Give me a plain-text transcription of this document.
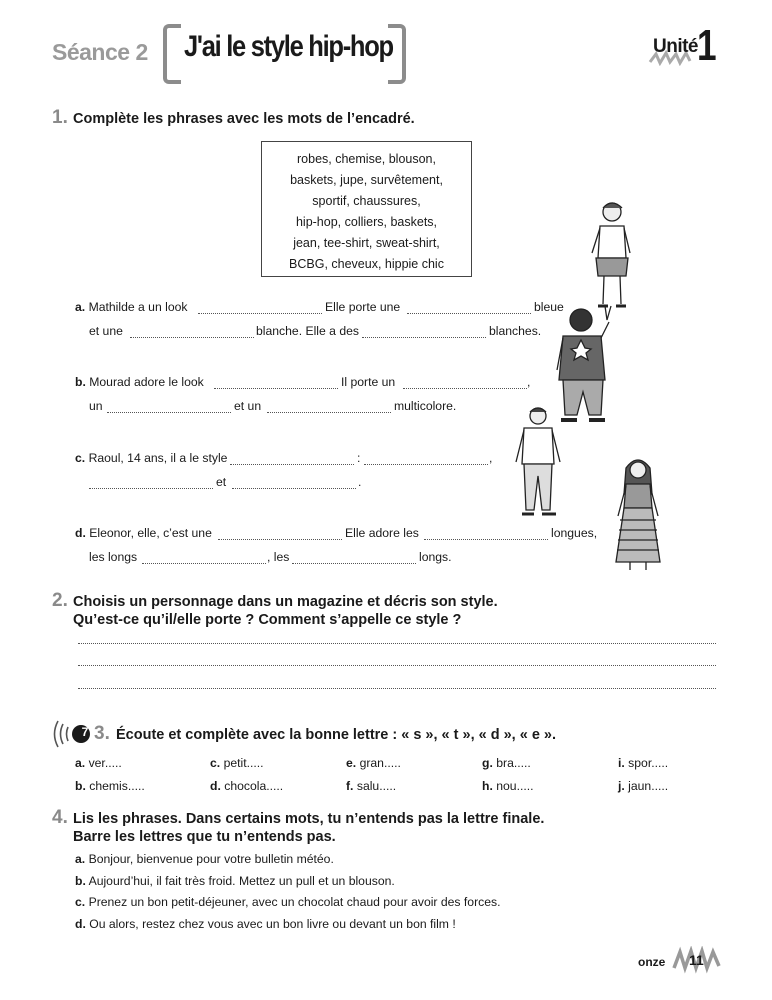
Séance 2 J'ai le style hip-hop	Unité 1
1. Complète les phrases avec les mots de l’encadré.
robes, chemise, blouson,
baskets, jupe, survêtement,
sportif, chaussures,
hip-hop, colliers, baskets,
jean, tee-shirt, sweat-shirt,
BCBG, cheveux, hippie chic
a. Mathilde a un look	Elle porte une	bleue
et une	blanche. Elle a des	blanches.
b. Mourad adore le look	Il porte un	,
un	et un	multicolore.
c. Raoul, 14 ans, il a le style	:	,
et	.
d. Eleonor, elle, c’est une	Elle adore les	longues,
les longs	, les	longs.
2. Choisis un personnage dans un magazine et décris son style.
Qu’est-ce qu’il/elle porte ? Comment s’appelle ce style ?
7 3. Écoute et complète avec la bonne lettre : « s », « t », « d », « e ».
a. ver.....	c. petit.....	e. gran.....	g. bra.....	i. spor.....
b. chemis.....	d. chocola.....	f. salu.....	h. nou.....	j. jaun.....
4. Lis les phrases. Dans certains mots, tu n’entends pas la lettre finale.
Barre les lettres que tu n’entends pas.
a. Bonjour, bienvenue pour votre bulletin météo.
b. Aujourd’hui, il fait très froid. Mettez un pull et un blouson.
c. Prenez un bon petit-déjeuner, avec un chocolat chaud pour avoir des forces.
d. Ou alors, restez chez vous avec un bon livre ou devant un bon film !
onze 11
